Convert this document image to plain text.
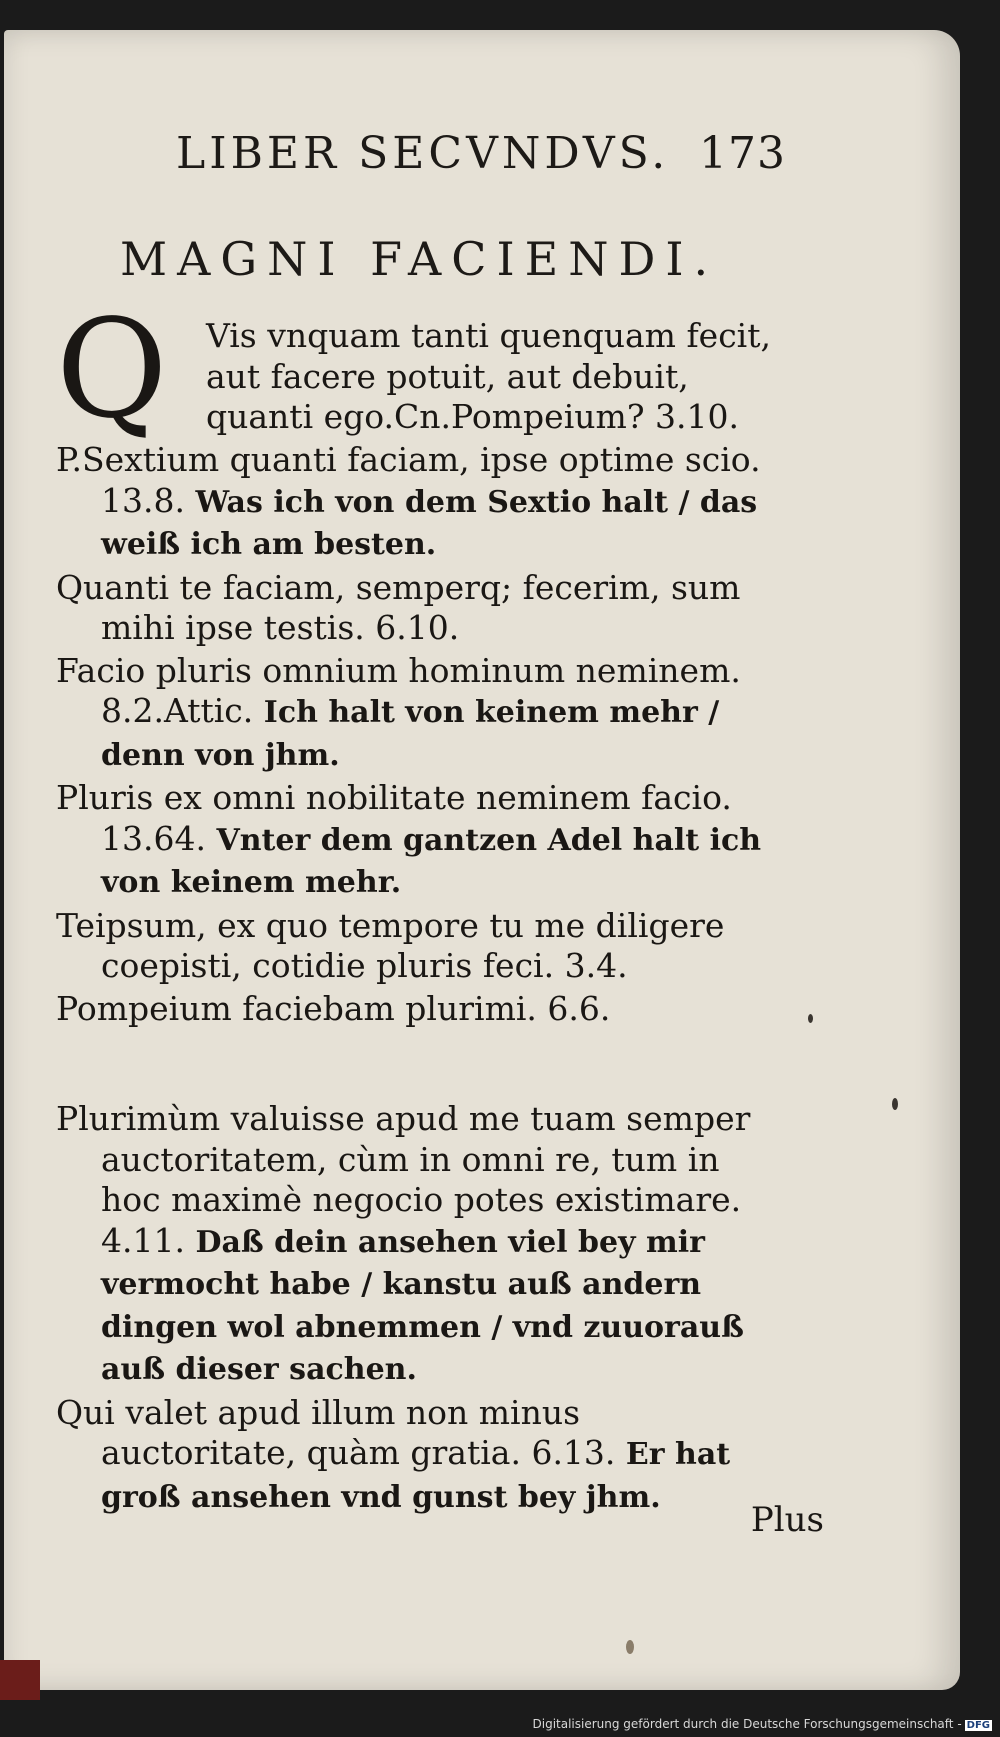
LIBER SECVNDVS. 173
MAGNI FACIENDI.

Q Vis vnquam tanti quenquam fecit, aut facere potuit, aut debuit, quanti ego.Cn.Pompeium? 3.10.

P.Sextium quanti faciam, ipse optime scio. 13.8. Was ich von dem Sextio halt / das weiß ich am besten.

Quanti te faciam, semperq; fecerim, sum mihi ipse testis. 6.10.

Facio pluris omnium hominum neminem. 8.2.Attic. Ich halt von keinem mehr / denn von jhm.

Pluris ex omni nobilitate neminem facio. 13.64. Vnter dem gantzen Adel halt ich von keinem mehr.

Teipsum, ex quo tempore tu me diligere coepisti, cotidie pluris feci. 3.4.

Pompeium faciebam plurimi. 6.6.

Plurimùm valuisse apud me tuam semper auctoritatem, cùm in omni re, tum in hoc maximè negocio potes existimare. 4.11. Daß dein ansehen viel bey mir vermocht habe / kanstu auß andern dingen wol abnemmen / vnd zuuorauß auß dieser sachen.

Qui valet apud illum non minus auctoritate, quàm gratia. 6.13. Er hat groß ansehen vnd gunst bey jhm.

Plus
Digitalisierung gefördert durch die Deutsche Forschungsgemeinschaft - DFG
